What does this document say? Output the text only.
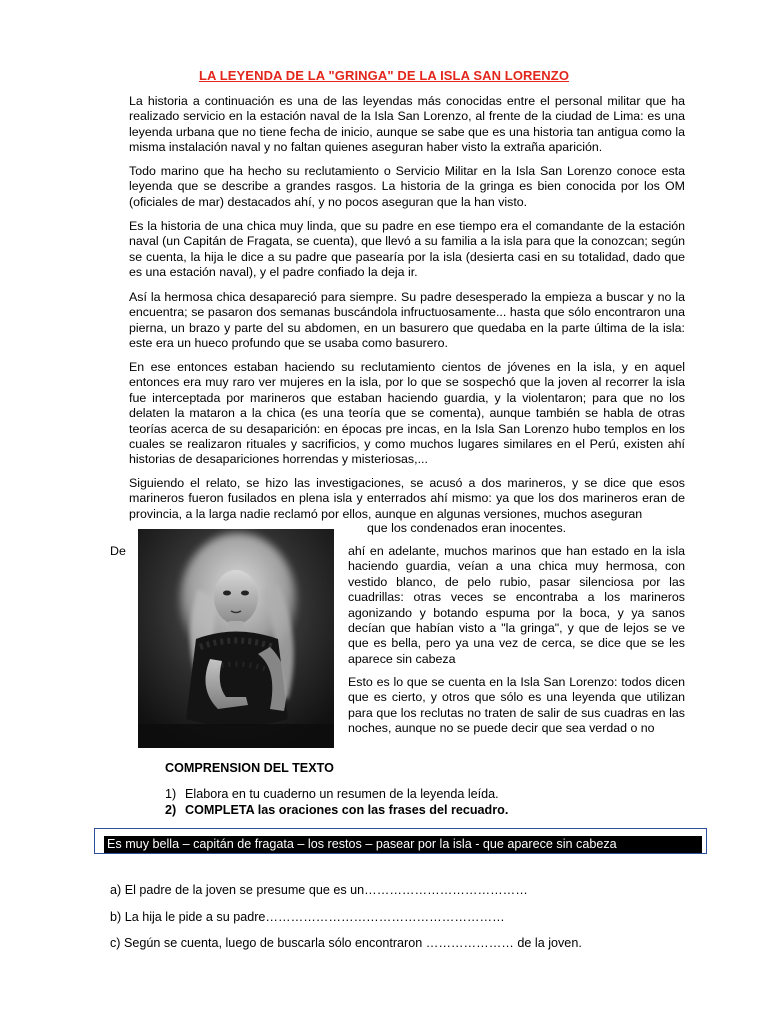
LA LEYENDA DE LA "GRINGA" DE LA ISLA SAN LORENZO

La historia a continuación es una de las leyendas más conocidas entre el personal militar que ha realizado servicio en la estación naval de la Isla San Lorenzo, al frente de la ciudad de Lima: es una leyenda urbana que no tiene fecha de inicio, aunque se sabe que es una historia tan antigua como la misma instalación naval y no faltan quienes aseguran haber visto la extraña aparición.

Todo marino que ha hecho su reclutamiento o Servicio Militar en la Isla San Lorenzo conoce esta leyenda que se describe a grandes rasgos. La historia de la gringa es bien conocida por los OM (oficiales de mar) destacados ahí, y no pocos aseguran que la han visto.

Es la historia de una chica muy linda, que su padre en ese tiempo era el comandante de la estación naval (un Capitán de Fragata, se cuenta), que llevó a su familia a la isla para que la conozcan; según se cuenta, la hija le dice a su padre que pasearía por la isla (desierta casi en su totalidad, dado que es una estación naval), y el padre confiado la deja ir.

Así la hermosa chica desapareció para siempre. Su padre desesperado la empieza a buscar y no la encuentra; se pasaron dos semanas buscándola infructuosamente... hasta que sólo encontraron una pierna, un brazo y parte del su abdomen, en un basurero que quedaba en la parte última de la isla: este era un hueco profundo que se usaba como basurero.

En ese entonces estaban haciendo su reclutamiento cientos de jóvenes en la isla, y en aquel entonces era muy raro ver mujeres en la isla, por lo que se sospechó que la joven al recorrer la isla fue interceptada por marineros que estaban haciendo guardia, y la violentaron; para que no los delaten la mataron a la chica (es una teoría que se comenta), aunque también se habla de otras teorías acerca de su desaparición: en épocas pre incas, en la Isla San Lorenzo hubo templos en los cuales se realizaron rituales y sacrificios, y como muchos lugares similares en el Perú, existen ahí historias de desapariciones horrendas y misteriosas,...

Siguiendo el relato, se hizo las investigaciones, se acusó a dos marineros, y se dice que esos marineros fueron fusilados en plena isla y enterrados ahí mismo: ya que los dos marineros eran de provincia, a la larga nadie reclamó por ellos, aunque en algunas versiones, muchos aseguran

que los condenados eran inocentes.
De	ahí en adelante, muchos marinos que han estado en la isla haciendo guardia, veían a una chica muy hermosa, con vestido blanco, de pelo rubio, pasar silenciosa por las cuadrillas: otras veces se encontraba a los marineros agonizando y botando espuma por la boca, y ya sanos decían que habían visto a "la gringa", y que de lejos se ve que es bella, pero ya una vez de cerca, se dice que se les aparece sin cabeza

Esto es lo que se cuenta en la Isla San Lorenzo: todos dicen que es cierto, y otros que sólo es una leyenda que utilizan para que los reclutas no traten de salir de sus cuadras en las noches, aunque no se puede decir que sea verdad o no

COMPRENSION DEL TEXTO
1) Elabora en tu cuaderno un resumen de la leyenda leída.
2) COMPLETA las oraciones con las frases del recuadro.
Es muy bella – capitán de fragata – los restos – pasear por la isla - que aparece sin cabeza
a) El padre de la joven se presume que es un…………………………………
b) La hija le pide a su padre…………………………………………………
c) Según se cuenta, luego de buscarla sólo encontraron ………………… de la joven.
